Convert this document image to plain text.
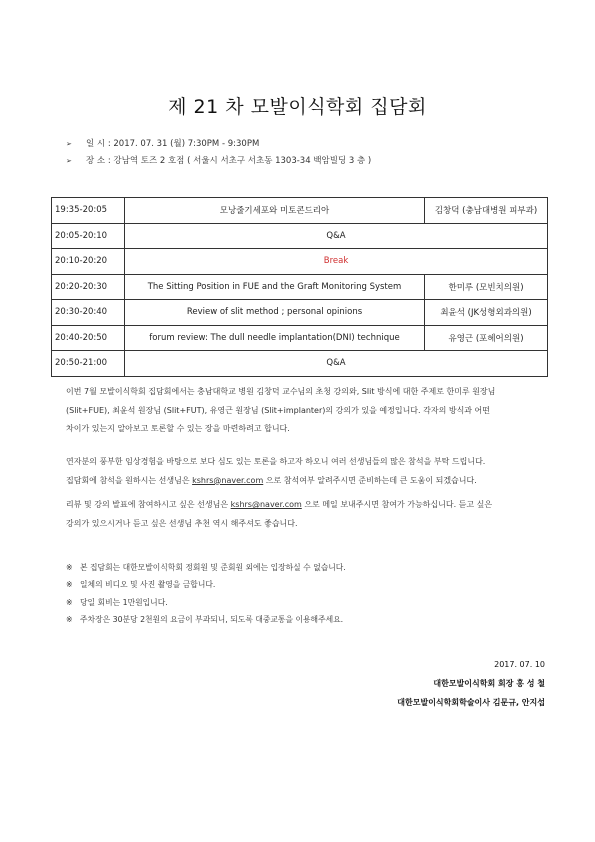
제 21 차 모발이식학회 집담회
➢ 일 시 : 2017. 07. 31 (월) 7:30PM - 9:30PM
➢ 장 소 : 강남역 토즈 2 호점 ( 서울시 서초구 서초동 1303-34 백암빌딩 3 층 )
19:35-20:05	모낭줄기세포와 미토콘드리아	김창덕 (충남대병원 피부과)
20:05-20:10	Q&A	
20:10-20:20	Break	
20:20-20:30	The Sitting Position in FUE and the Graft Monitoring System	한미루 (모빈치의원)
20:30-20:40	Review of slit method ; personal opinions	최윤석 (JK성형외과의원)
20:40-20:50	forum review: The dull needle implantation(DNI) technique	유영근 (포헤어의원)
20:50-21:00	Q&A	

이번 7월 모발이식학회 집담회에서는 충남대학교 병원 김창덕 교수님의 초청 강의와, Slit 방식에 대한 주제로 한미루 원장님

(Slit+FUE), 최윤석 원장님 (Slit+FUT), 유영근 원장님 (Slit+implanter)의 강의가 있을 예정입니다. 각자의 방식과 어떤

차이가 있는지 알아보고 토론할 수 있는 장을 마련하려고 합니다.

연자분의 풍부한 임상경험을 바탕으로 보다 심도 있는 토론을 하고자 하오니 여러 선생님들의 많은 참석을 부탁 드립니다.

집담회에 참석을 원하시는 선생님은 kshrs@naver.com 으로 참석여부 알려주시면 준비하는데 큰 도움이 되겠습니다.

리뷰 및 강의 발표에 참여하시고 싶은 선생님은 kshrs@naver.com 으로 메일 보내주시면 참여가 가능하십니다. 듣고 싶은

강의가 있으시거나 듣고 싶은 선생님 추천 역시 해주셔도 좋습니다.

※ 본 집담회는 대한모발이식학회 정회원 및 준회원 외에는 입장하실 수 없습니다.
※ 일체의 비디오 및 사진 촬영을 금합니다.
※ 당일 회비는 1만원입니다.
※ 주차장은 30분당 2천원의 요금이 부과되니, 되도록 대중교통을 이용해주세요.
2017. 07. 10
대한모발이식학회 회장 홍 성 철
대한모발이식학회학술이사 김문규, 안지섭
